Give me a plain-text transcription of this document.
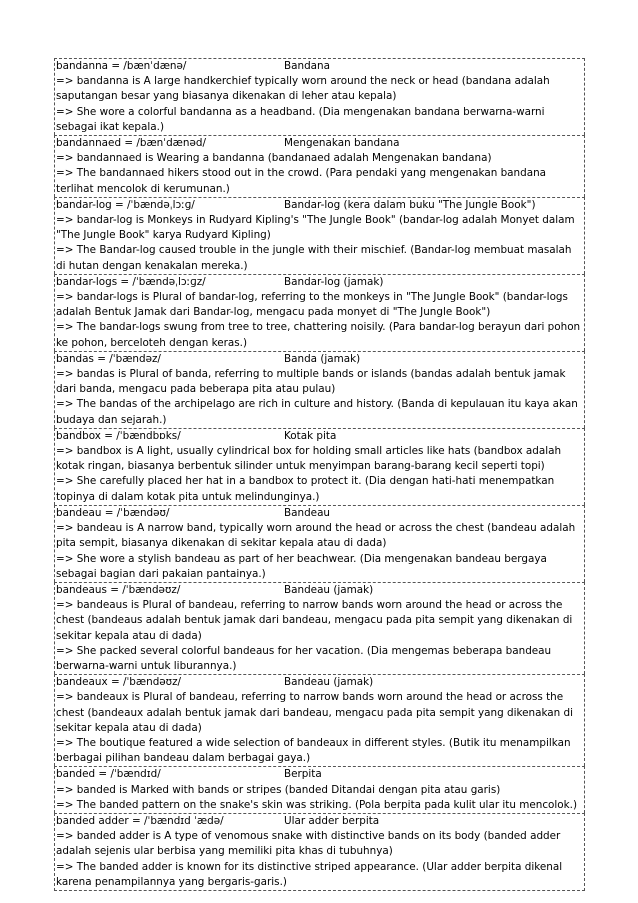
bandanna = /bænˈdænə/	Bandana
=> bandanna is A large handkerchief typically worn around the neck or head (bandana adalah saputangan besar yang biasanya dikenakan di leher atau kepala)
=> She wore a colorful bandanna as a headband. (Dia mengenakan bandana berwarna-warni sebagai ikat kepala.)
bandannaed = /bænˈdænəd/	Mengenakan bandana
=> bandannaed is Wearing a bandanna (bandanaed adalah Mengenakan bandana)
=> The bandannaed hikers stood out in the crowd. (Para pendaki yang mengenakan bandana terlihat mencolok di kerumunan.)
bandar-log = /ˈbændəˌlɔːɡ/	Bandar-log (kera dalam buku "The Jungle Book")
=> bandar-log is Monkeys in Rudyard Kipling's "The Jungle Book" (bandar-log adalah Monyet dalam "The Jungle Book" karya Rudyard Kipling)
=> The Bandar-log caused trouble in the jungle with their mischief. (Bandar-log membuat masalah di hutan dengan kenakalan mereka.)
bandar-logs = /ˈbændəˌlɔːɡz/	Bandar-log (jamak)
=> bandar-logs is Plural of bandar-log, referring to the monkeys in "The Jungle Book" (bandar-logs adalah Bentuk Jamak dari Bandar-log, mengacu pada monyet di "The Jungle Book")
=> The bandar-logs swung from tree to tree, chattering noisily. (Para bandar-log berayun dari pohon ke pohon, berceloteh dengan keras.)
bandas = /ˈbændəz/	Banda (jamak)
=> bandas is Plural of banda, referring to multiple bands or islands (bandas adalah bentuk jamak dari banda, mengacu pada beberapa pita atau pulau)
=> The bandas of the archipelago are rich in culture and history. (Banda di kepulauan itu kaya akan budaya dan sejarah.)
bandbox = /ˈbændbɒks/	Kotak pita
=> bandbox is A light, usually cylindrical box for holding small articles like hats (bandbox adalah kotak ringan, biasanya berbentuk silinder untuk menyimpan barang-barang kecil seperti topi)
=> She carefully placed her hat in a bandbox to protect it. (Dia dengan hati-hati menempatkan topinya di dalam kotak pita untuk melindunginya.)
bandeau = /ˈbændəʊ/	Bandeau
=> bandeau is A narrow band, typically worn around the head or across the chest (bandeau adalah pita sempit, biasanya dikenakan di sekitar kepala atau di dada)
=> She wore a stylish bandeau as part of her beachwear. (Dia mengenakan bandeau bergaya sebagai bagian dari pakaian pantainya.)
bandeaus = /ˈbændəʊz/	Bandeau (jamak)
=> bandeaus is Plural of bandeau, referring to narrow bands worn around the head or across the chest (bandeaus adalah bentuk jamak dari bandeau, mengacu pada pita sempit yang dikenakan di sekitar kepala atau di dada)
=> She packed several colorful bandeaus for her vacation. (Dia mengemas beberapa bandeau berwarna-warni untuk liburannya.)
bandeaux = /ˈbændəʊz/	Bandeau (jamak)
=> bandeaux is Plural of bandeau, referring to narrow bands worn around the head or across the chest (bandeaux adalah bentuk jamak dari bandeau, mengacu pada pita sempit yang dikenakan di sekitar kepala atau di dada)
=> The boutique featured a wide selection of bandeaux in different styles. (Butik itu menampilkan berbagai pilihan bandeau dalam berbagai gaya.)
banded = /ˈbændɪd/	Berpita
=> banded is Marked with bands or stripes (banded Ditandai dengan pita atau garis)
=> The banded pattern on the snake's skin was striking. (Pola berpita pada kulit ular itu mencolok.)
banded adder = /ˈbændɪd ˈædə/	Ular adder berpita
=> banded adder is A type of venomous snake with distinctive bands on its body (banded adder adalah sejenis ular berbisa yang memiliki pita khas di tubuhnya)
=> The banded adder is known for its distinctive striped appearance. (Ular adder berpita dikenal karena penampilannya yang bergaris-garis.)
